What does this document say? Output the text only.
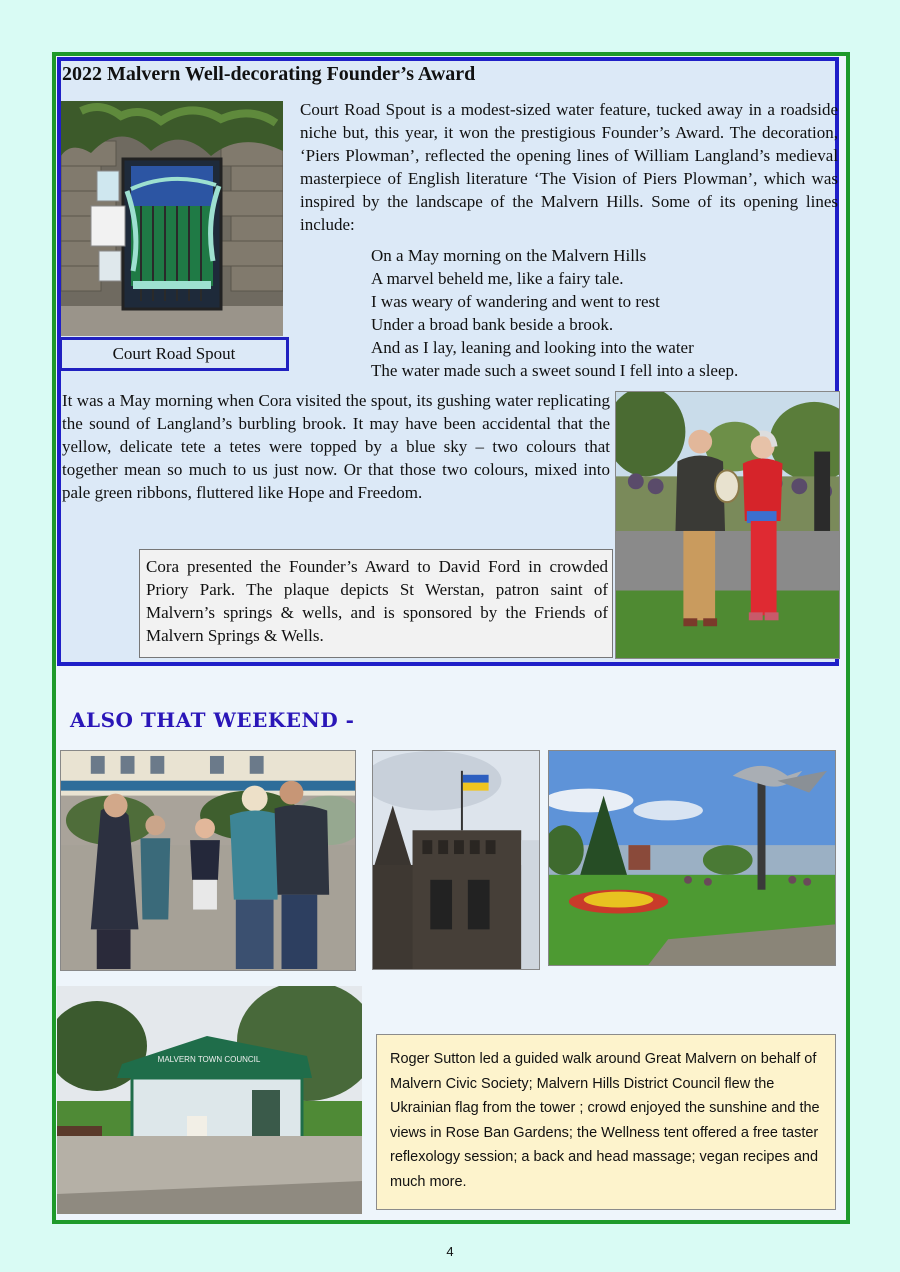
2022 Malvern Well-decorating Founder’s Award
Court Road Spout

Court Road Spout is a modest-sized water feature, tucked away in a roadside niche but, this year, it won the prestigious Founder’s Award. The decoration, ‘Piers Plowman’, reflected the opening lines of William Langland’s medieval masterpiece of English literature ‘The Vision of Piers Plowman’, which was inspired by the landscape of the Malvern Hills. Some of its opening lines include:

On a May morning on the Malvern Hills
A marvel beheld me, like a fairy tale.
I was weary of wandering and went to rest
Under a broad bank beside a brook.
And as I lay, leaning and looking into the water
The water made such a sweet sound I fell into a sleep.

It was a May morning when Cora visited the spout, its gushing water replicating the sound of Langland’s burbling brook. It may have been accidental that the yellow, delicate tete a tetes were topped by a blue sky – two colours that together mean so much to us just now. Or that those two colours, mixed into pale green ribbons, fluttered like Hope and Freedom.

Cora presented the Founder’s Award to David Ford in crowded Priory Park. The plaque depicts St Werstan, patron saint of Malvern’s springs & wells, and is sponsored by the Friends of Malvern Springs & Wells.
ALSO THAT WEEKEND -
MALVERN TOWN COUNCIL	Roger Sutton led a guided walk around Great Malvern on behalf of Malvern Civic Society; Malvern Hills District Council flew the Ukrainian flag from the tower ; crowd enjoyed the sunshine and the views in Rose Ban Gardens; the Wellness tent offered a free taster reflexology session; a back and head massage; vegan recipes and much more.
4
